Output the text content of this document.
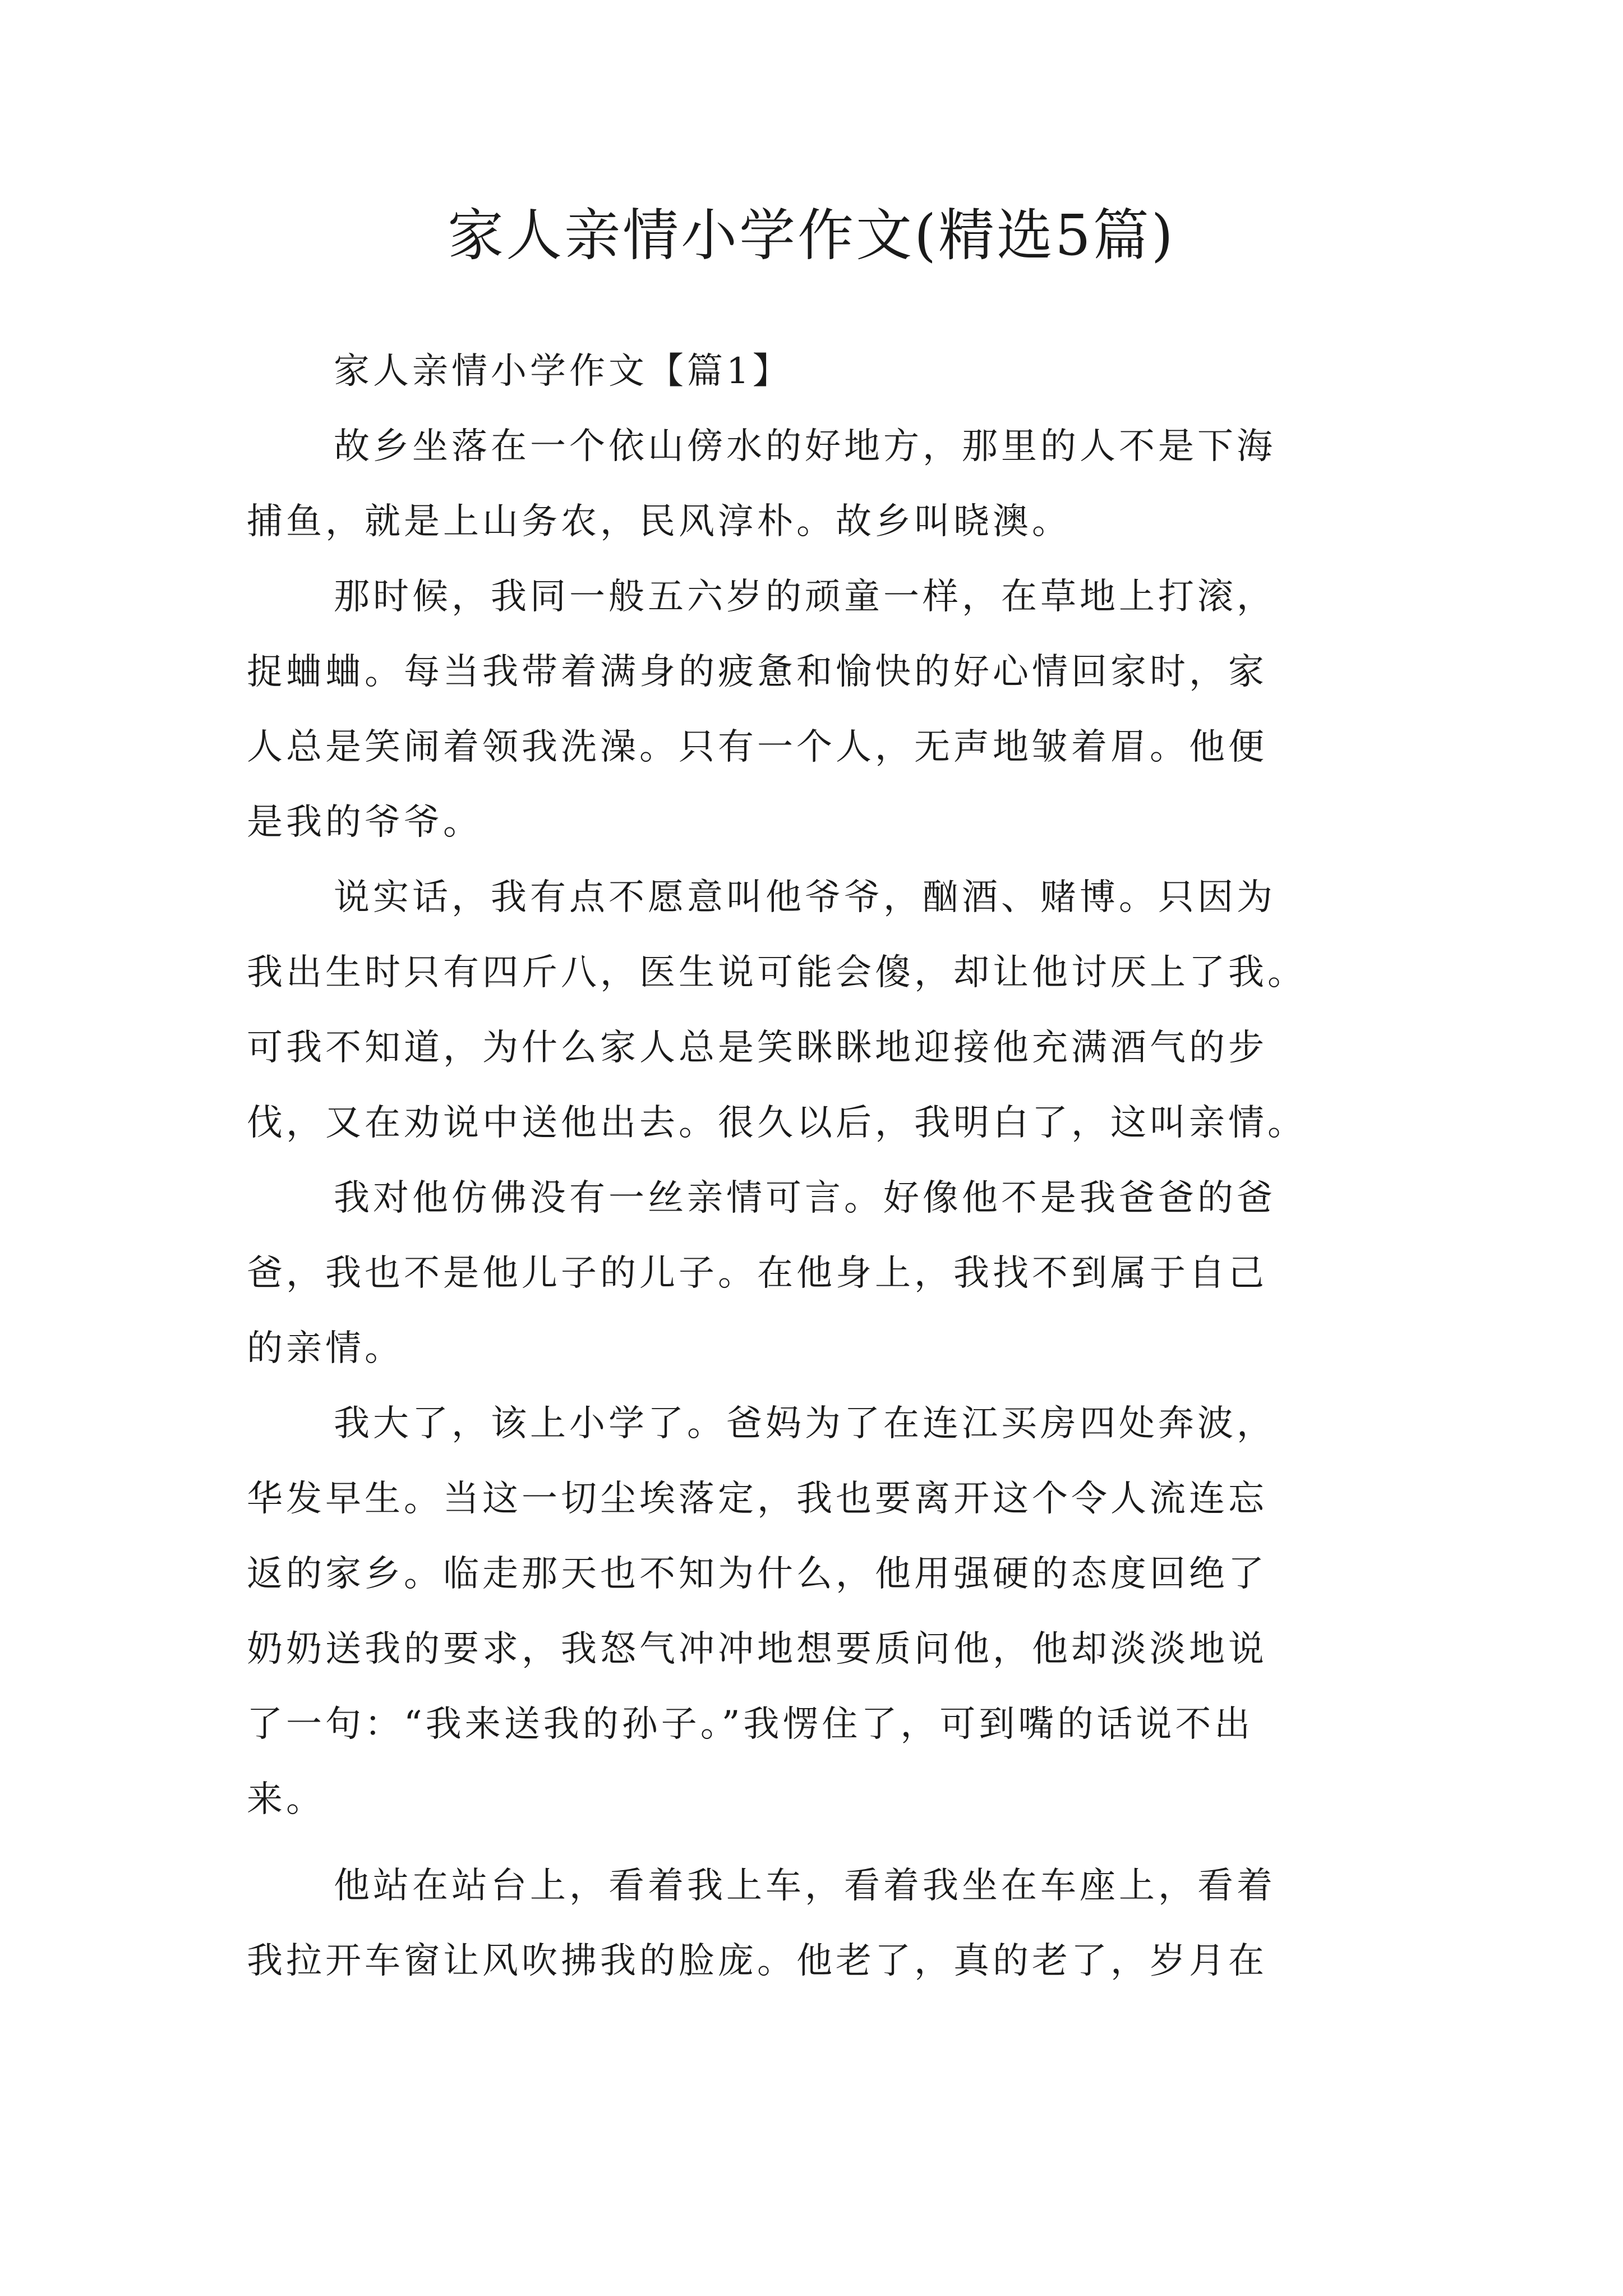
家人亲情小学作文(精选5篇)
家人亲情小学作文【篇1】
故乡坐落在一个依山傍水的好地方，那里的人不是下海
捕鱼，就是上山务农，民风淳朴。故乡叫晓澳。
那时候，我同一般五六岁的顽童一样，在草地上打滚，
捉蛐蛐。每当我带着满身的疲惫和愉快的好心情回家时，家
人总是笑闹着领我洗澡。只有一个人，无声地皱着眉。他便
是我的爷爷。
说实话，我有点不愿意叫他爷爷，酗酒、赌博。只因为
我出生时只有四斤八，医生说可能会傻，却让他讨厌上了我。
可我不知道，为什么家人总是笑眯眯地迎接他充满酒气的步
伐，又在劝说中送他出去。很久以后，我明白了，这叫亲情。
我对他仿佛没有一丝亲情可言。好像他不是我爸爸的爸
爸，我也不是他儿子的儿子。在他身上，我找不到属于自己
的亲情。
我大了，该上小学了。爸妈为了在连江买房四处奔波，
华发早生。当这一切尘埃落定，我也要离开这个令人流连忘
返的家乡。临走那天也不知为什么，他用强硬的态度回绝了
奶奶送我的要求，我怒气冲冲地想要质问他，他却淡淡地说
了一句：“我来送我的孙子。”我愣住了，可到嘴的话说不出
来。
他站在站台上，看着我上车，看着我坐在车座上，看着
我拉开车窗让风吹拂我的脸庞。他老了，真的老了，岁月在
